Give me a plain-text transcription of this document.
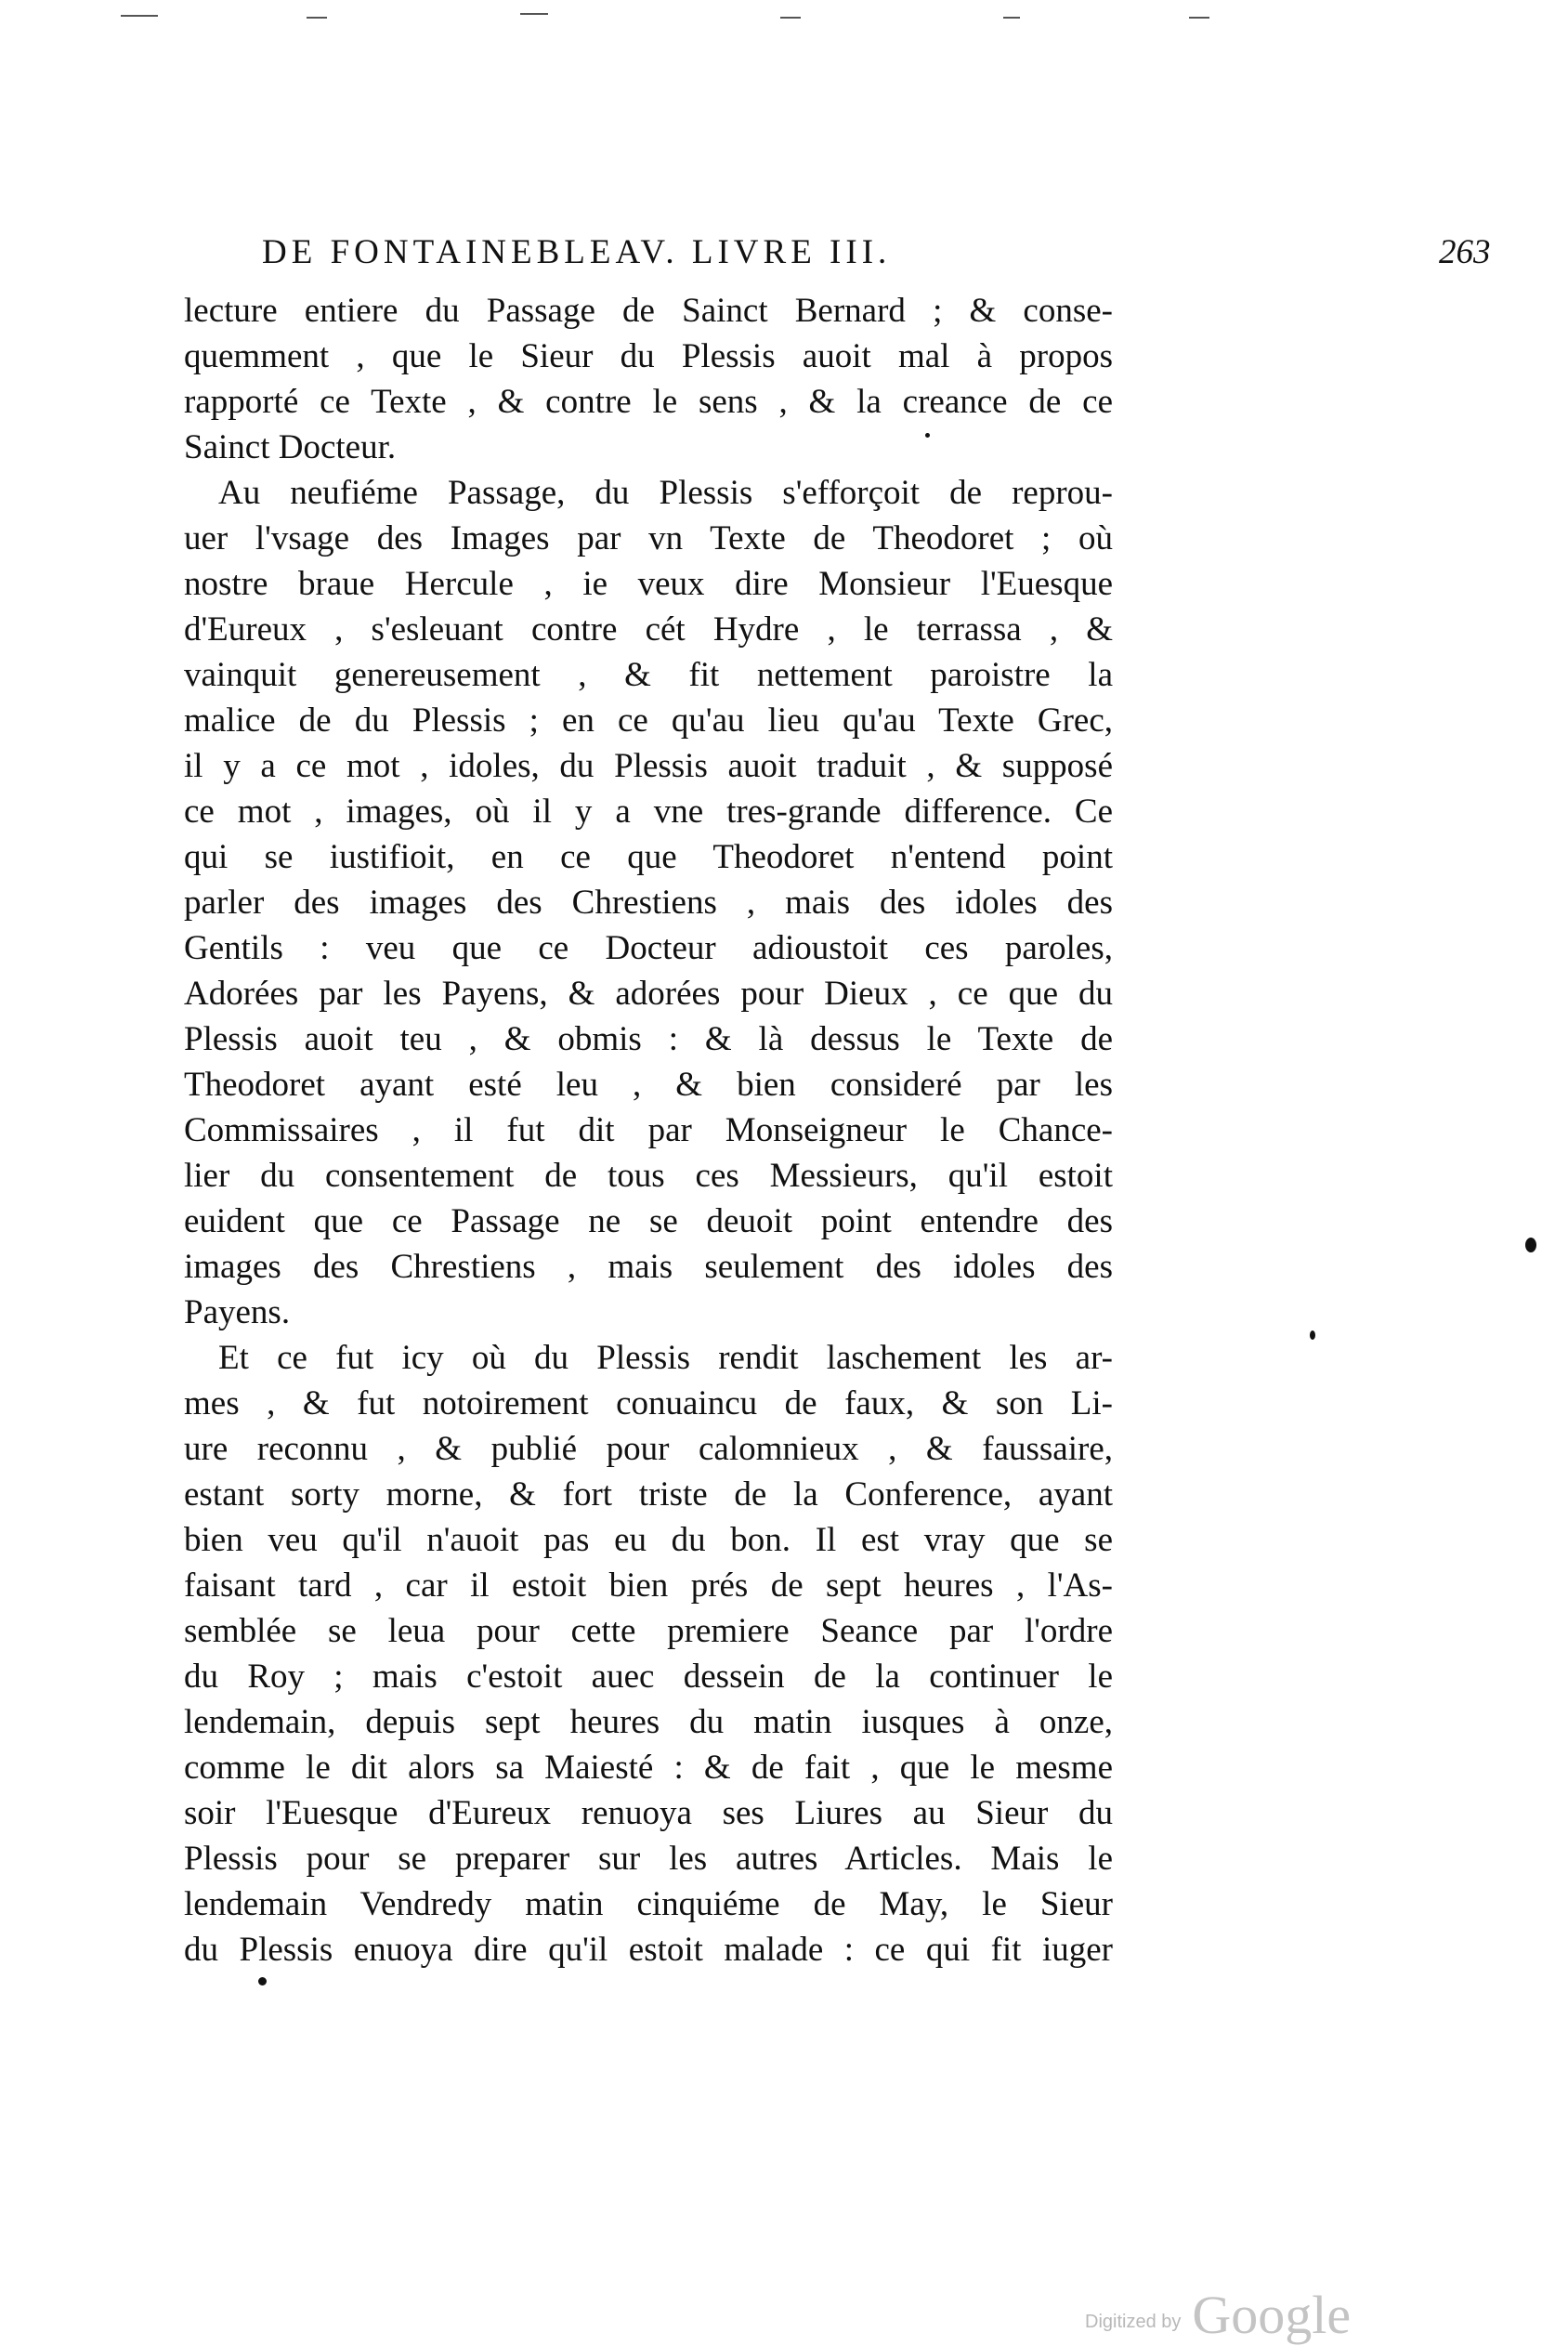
DE FONTAINEBLEAV. LIVRE III.	263
lecture entiere du Passage de Sainct Bernard ; & conse-
quemment , que le Sieur du Plessis auoit mal à propos
rapporté ce Texte , & contre le sens , & la creance de ce
Sainct Docteur.
Au neufiéme Passage, du Plessis s'efforçoit de reprou-
uer l'vsage des Images par vn Texte de Theodoret ; où
nostre braue Hercule , ie veux dire Monsieur l'Euesque
d'Eureux , s'esleuant contre cét Hydre , le terrassa , &
vainquit genereusement , & fit nettement paroistre la
malice de du Plessis ; en ce qu'au lieu qu'au Texte Grec,
il y a ce mot , idoles, du Plessis auoit traduit , & supposé
ce mot , images, où il y a vne tres-grande difference. Ce
qui se iustifioit, en ce que Theodoret n'entend point
parler des images des Chrestiens , mais des idoles des
Gentils : veu que ce Docteur adioustoit ces paroles,
Adorées par les Payens, & adorées pour Dieux , ce que du
Plessis auoit teu , & obmis : & là dessus le Texte de
Theodoret ayant esté leu , & bien consideré par les
Commissaires , il fut dit par Monseigneur le Chance-
lier du consentement de tous ces Messieurs, qu'il estoit
euident que ce Passage ne se deuoit point entendre des
images des Chrestiens , mais seulement des idoles des
Payens.
Et ce fut icy où du Plessis rendit laschement les ar-
mes , & fut notoirement conuaincu de faux, & son Li-
ure reconnu , & publié pour calomnieux , & faussaire,
estant sorty morne, & fort triste de la Conference, ayant
bien veu qu'il n'auoit pas eu du bon. Il est vray que se
faisant tard , car il estoit bien prés de sept heures , l'As-
semblée se leua pour cette premiere Seance par l'ordre
du Roy ; mais c'estoit auec dessein de la continuer le
lendemain, depuis sept heures du matin iusques à onze,
comme le dit alors sa Maiesté : & de fait , que le mesme
soir l'Euesque d'Eureux renuoya ses Liures au Sieur du
Plessis pour se preparer sur les autres Articles. Mais le
lendemain Vendredy matin cinquiéme de May, le Sieur
du Plessis enuoya dire qu'il estoit malade : ce qui fit iuger
Digitized by Google
